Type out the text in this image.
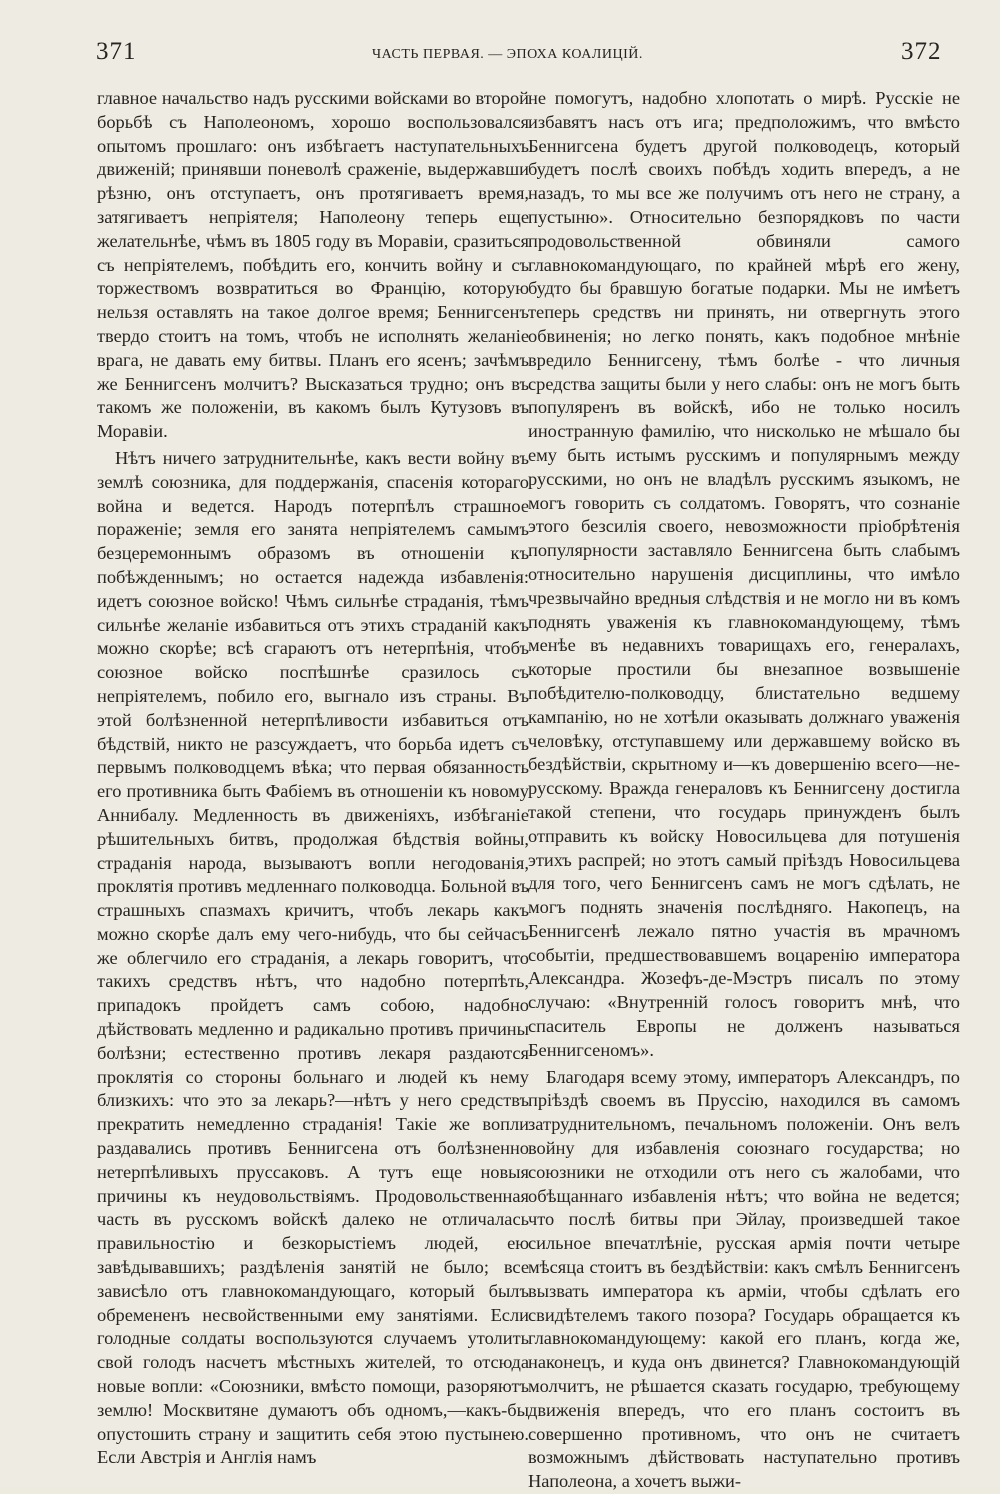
371	ЧАСТЬ ПЕРВАЯ. — ЭПОХА КОАЛИЦІЙ.	372

главное начальство надъ русскими войсками во второй борьбѣ съ Наполеономъ, хорошо воспользовался опытомъ прошлаго: онъ избѣгаетъ наступательныхъ движеній; принявши поневолѣ сраженіе, выдержавши рѣзню, онъ отступаетъ, онъ протягиваетъ время, затягиваетъ непріятеля; Наполеону теперь еще желательнѣе, чѣмъ въ 1805 году въ Моравіи, сразиться съ непріятелемъ, побѣдить его, кончить войну и съ торжествомъ возвратиться во Францію, которую нельзя оставлять на такое долгое время; Беннигсенъ твердо стоитъ на томъ, чтобъ не исполнять желаніе врага, не давать ему битвы. Планъ его ясенъ; зачѣмъ же Беннигсенъ молчитъ? Высказаться трудно; онъ въ такомъ же положеніи, въ какомъ былъ Кутузовъ въ Моравіи.

Нѣтъ ничего затруднительнѣе, какъ вести войну въ землѣ союзника, для поддержанія, спасенія котораго война и ведется. Народъ потерпѣлъ страшное пораженіе; земля его занята непріятелемъ самымъ безцеремоннымъ образомъ въ отношеніи къ побѣжденнымъ; но остается надежда избавленія: идетъ союзное войско! Чѣмъ сильнѣе страданія, тѣмъ сильнѣе желаніе избавиться отъ этихъ страданій какъ можно скорѣе; всѣ сгараютъ отъ нетерпѣнія, чтобъ союзное войско поспѣшнѣе сразилось съ непріятелемъ, побило его, выгнало изъ страны. Въ этой болѣзненной нетерпѣливости избавиться отъ бѣдствій, никто не разсуждаетъ, что борьба идетъ съ первымъ полководцемъ вѣка; что первая обязанность его противника быть Фабіемъ въ отношеніи къ новому Аннибалу. Медленность въ движеніяхъ, избѣганіе рѣшительныхъ битвъ, продолжая бѣдствія войны, страданія народа, вызываютъ вопли негодованія, проклятія противъ медленнаго полководца. Больной въ страшныхъ спазмахъ кричитъ, чтобъ лекарь какъ можно скорѣе далъ ему чего-нибудь, что бы сейчасъ же облегчило его страданія, а лекарь говоритъ, что такихъ средствъ нѣтъ, что надобно потерпѣть, припадокъ пройдетъ самъ собою, надобно дѣйствовать медленно и радикально противъ причины болѣзни; естественно противъ лекаря раздаются проклятія со стороны больнаго и людей къ нему близкихъ: что это за лекарь?—нѣтъ у него средствъ прекратить немедленно страданія! Такіе же вопли раздавались противъ Беннигсена отъ болѣзненно нетерпѣливыхъ пруссаковъ. А тутъ еще новыя причины къ неудовольствіямъ. Продовольственная часть въ русскомъ войскѣ далеко не отличалась правильностію и безкорыстіемъ людей, ею завѣдывавшихъ; раздѣленія занятій не было; все зависѣло отъ главнокомандующаго, который былъ обремененъ несвойственными ему занятіями. Если голодные солдаты воспользуются случаемъ утолить свой голодъ насчетъ мѣстныхъ жителей, то отсюда новые вопли: «Союзники, вмѣсто помощи, разоряютъ землю! Москвитяне думаютъ объ одномъ,—какъ-бы опустошить страну и защитить себя этою пустынею. Если Австрія и Англія намъ

не помогутъ, надобно хлопотать о мирѣ. Русскіе не избавятъ насъ отъ ига; предположимъ, что вмѣсто Беннигсена будетъ другой полководецъ, который будетъ послѣ своихъ побѣдъ ходить впередъ, а не назадъ, то мы все же получимъ отъ него не страну, а пустыню». Относительно безпорядковъ по части продовольственной обвиняли самого главнокомандующаго, по крайней мѣрѣ его жену, будто бы бравшую богатые подарки. Мы не имѣетъ теперь средствъ ни принять, ни отвергнуть этого обвиненія; но легко понять, какъ подобное мнѣніе вредило Беннигсену, тѣмъ болѣе - что личныя средства защиты были у него слабы: онъ не могъ быть популяренъ въ войскѣ, ибо не только носилъ иностранную фамилію, что нисколько не мѣшало бы ему быть истымъ русскимъ и популярнымъ между русскими, но онъ не владѣлъ русскимъ языкомъ, не могъ говорить съ солдатомъ. Говорятъ, что сознаніе этого безсилія своего, невозможности пріобрѣтенія популярности заставляло Беннигсена быть слабымъ относительно нарушенія дисциплины, что имѣло чрезвычайно вредныя слѣдствія и не могло ни въ комъ поднять уваженія къ главнокомандующему, тѣмъ менѣе въ недавнихъ товарищахъ его, генералахъ, которые простили бы внезапное возвышеніе побѣдителю-полководцу, блистательно ведшему кампанію, но не хотѣли оказывать должнаго уваженія человѣку, отступавшему или державшему войско въ бездѣйствіи, скрытному и—къ довершенію всего—не-русскому. Вражда генераловъ къ Беннигсену достигла такой степени, что государь принужденъ былъ отправить къ войску Новосильцева для потушенія этихъ распрей; но этотъ самый пріѣздъ Новосильцева для того, чего Беннигсенъ самъ не могъ сдѣлать, не могъ поднять значенія послѣдняго. Накопецъ, на Беннигсенѣ лежало пятно участія въ мрачномъ событіи, предшествовавшемъ воцаренію императора Александра. Жозефъ-де-Мэстръ писалъ по этому случаю: «Внутренній голосъ говоритъ мнѣ, что спаситель Европы не долженъ называться Беннигсеномъ».

Благодаря всему этому, императоръ Александръ, по пріѣздѣ своемъ въ Пруссію, находился въ самомъ затруднительномъ, печальномъ положеніи. Онъ велъ войну для избавленія союзнаго государства; но союзники не отходили отъ него съ жалобами, что обѣщаннаго избавленія нѣтъ; что война не ведется; что послѣ битвы при Эйлау, произведшей такое сильное впечатлѣніе, русская армія почти четыре мѣсяца стоитъ въ бездѣйствіи: какъ смѣлъ Беннигсенъ вызвать императора къ арміи, чтобы сдѣлать его свидѣтелемъ такого позора? Государь обращается къ главнокомандующему: какой его планъ, когда же, наконецъ, и куда онъ двинется? Главнокомандующій молчитъ, не рѣшается сказать государю, требующему движенія впередъ, что его планъ состоитъ въ совершенно противномъ, что онъ не считаетъ возможнымъ дѣйствовать наступательно противъ Наполеона, а хочетъ выжи-
